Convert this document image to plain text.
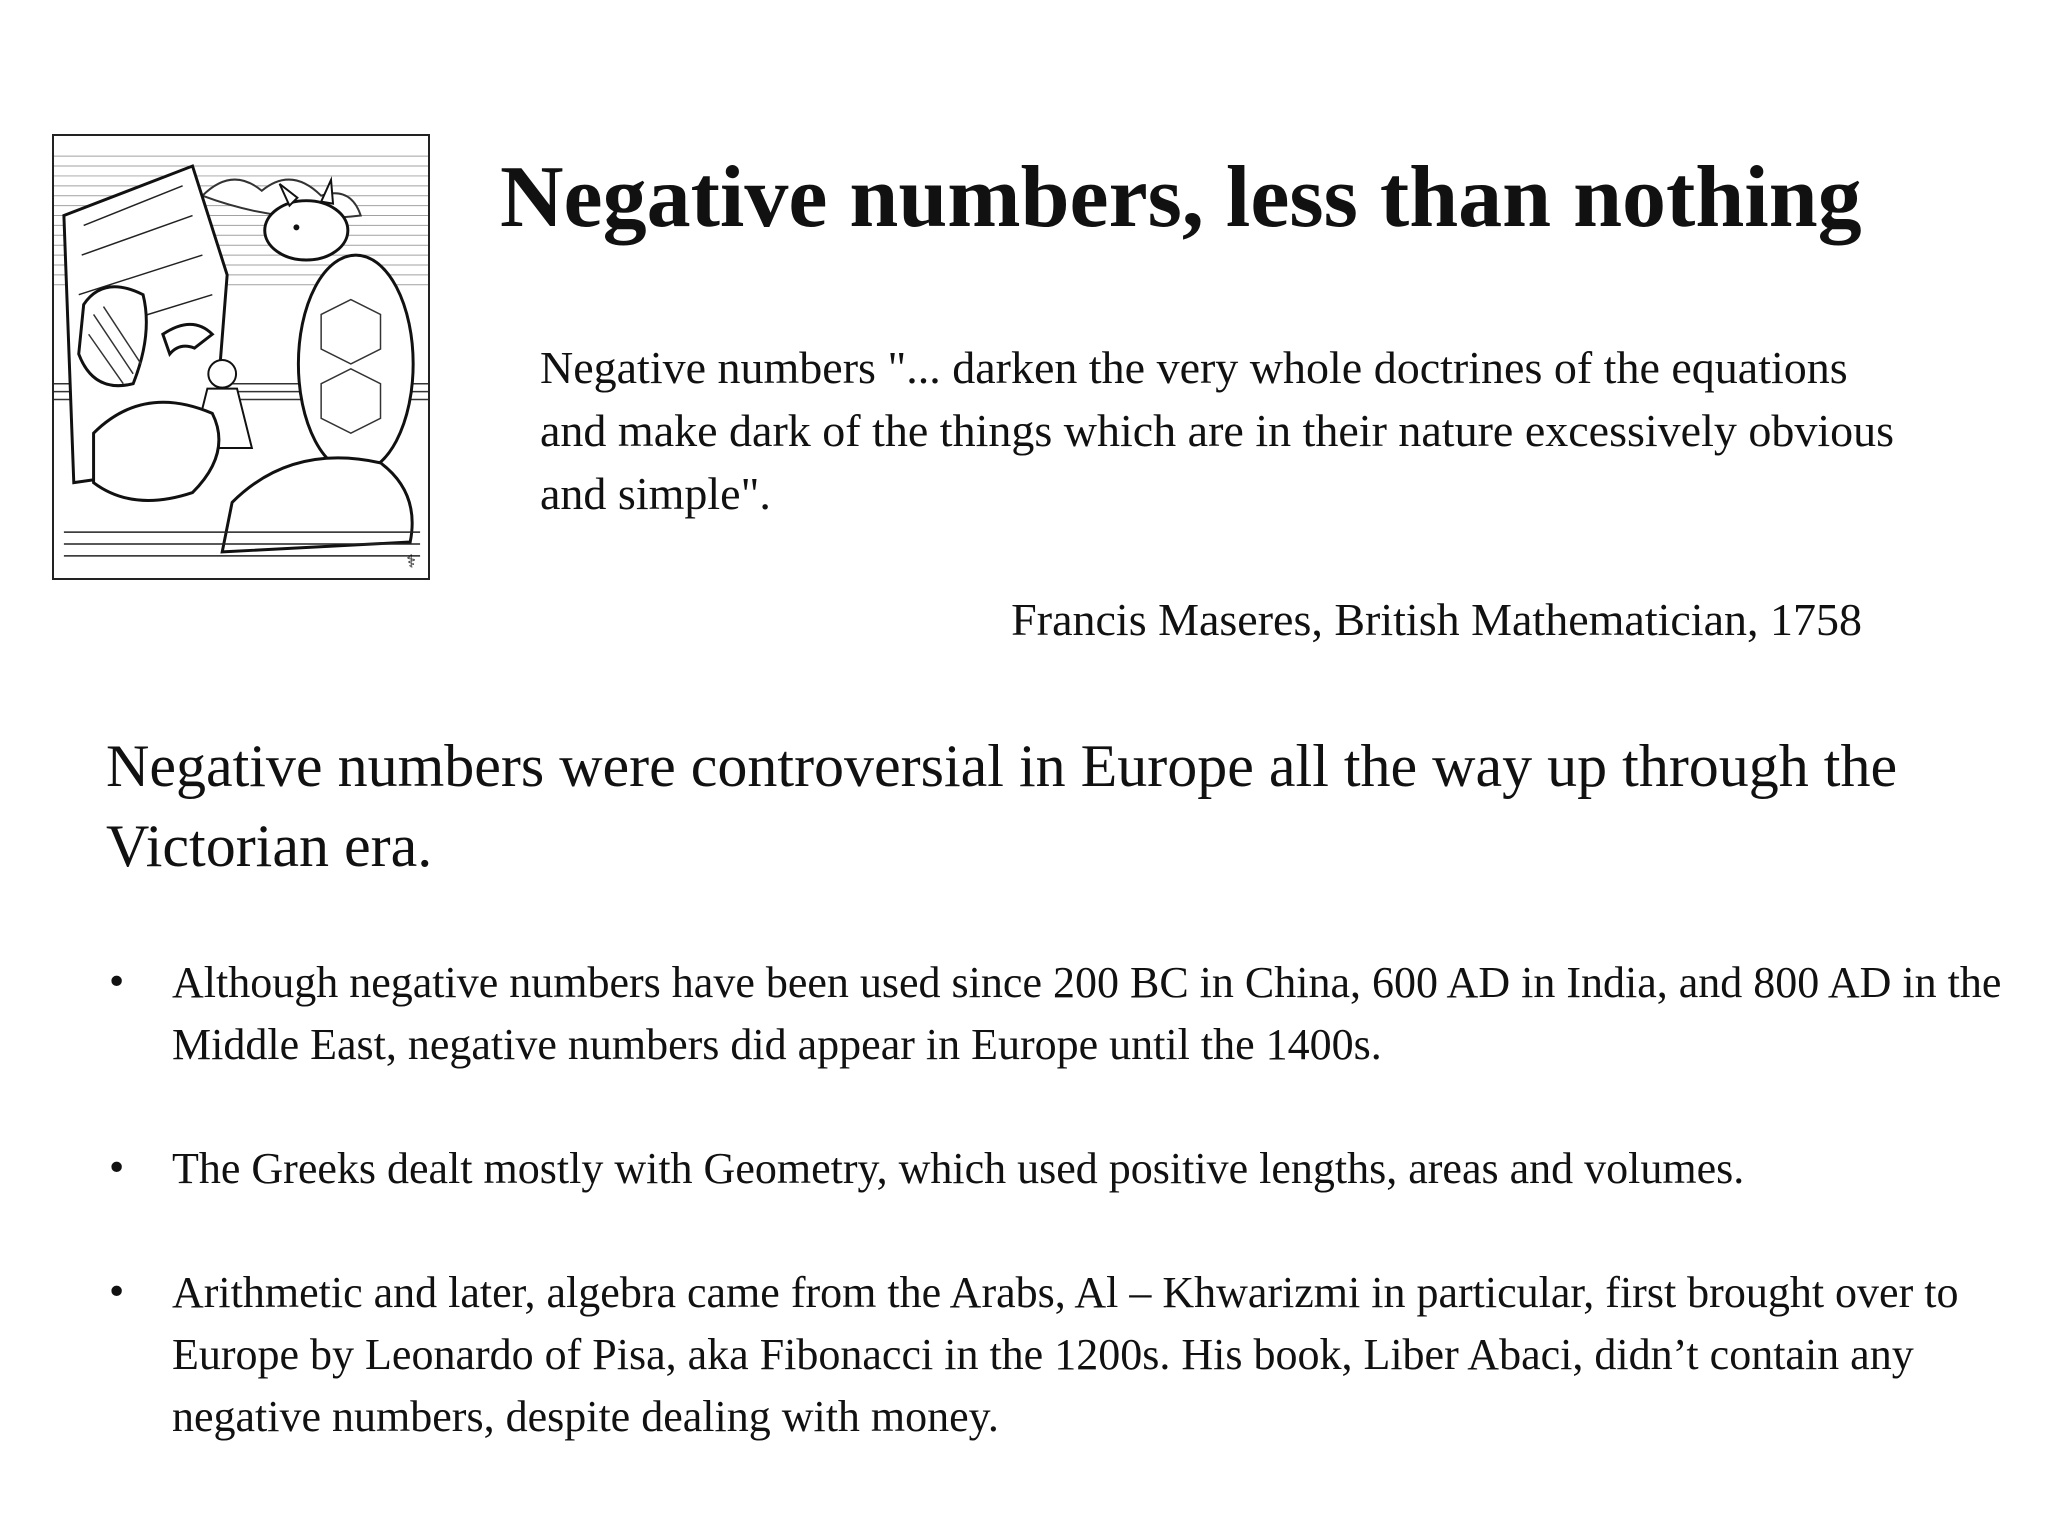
⚕
Negative numbers, less than nothing

Negative numbers "... darken the very whole doctrines of the equations and make dark of the things which are in their nature excessively obvious and simple".

Francis Maseres, British Mathematician, 1758

Negative numbers were controversial in Europe all the way up through the Victorian era.

• Although negative numbers have been used since 200 BC in China, 600 AD in India, and 800 AD in the Middle East, negative numbers did appear in Europe until the 1400s.
• The Greeks dealt mostly with Geometry, which used positive lengths, areas and volumes.
• Arithmetic and later, algebra came from the Arabs, Al – Khwarizmi in particular, first brought over to Europe by Leonardo of Pisa, aka Fibonacci in the 1200s. His book, Liber Abaci, didn’t contain any negative numbers, despite dealing with money.
